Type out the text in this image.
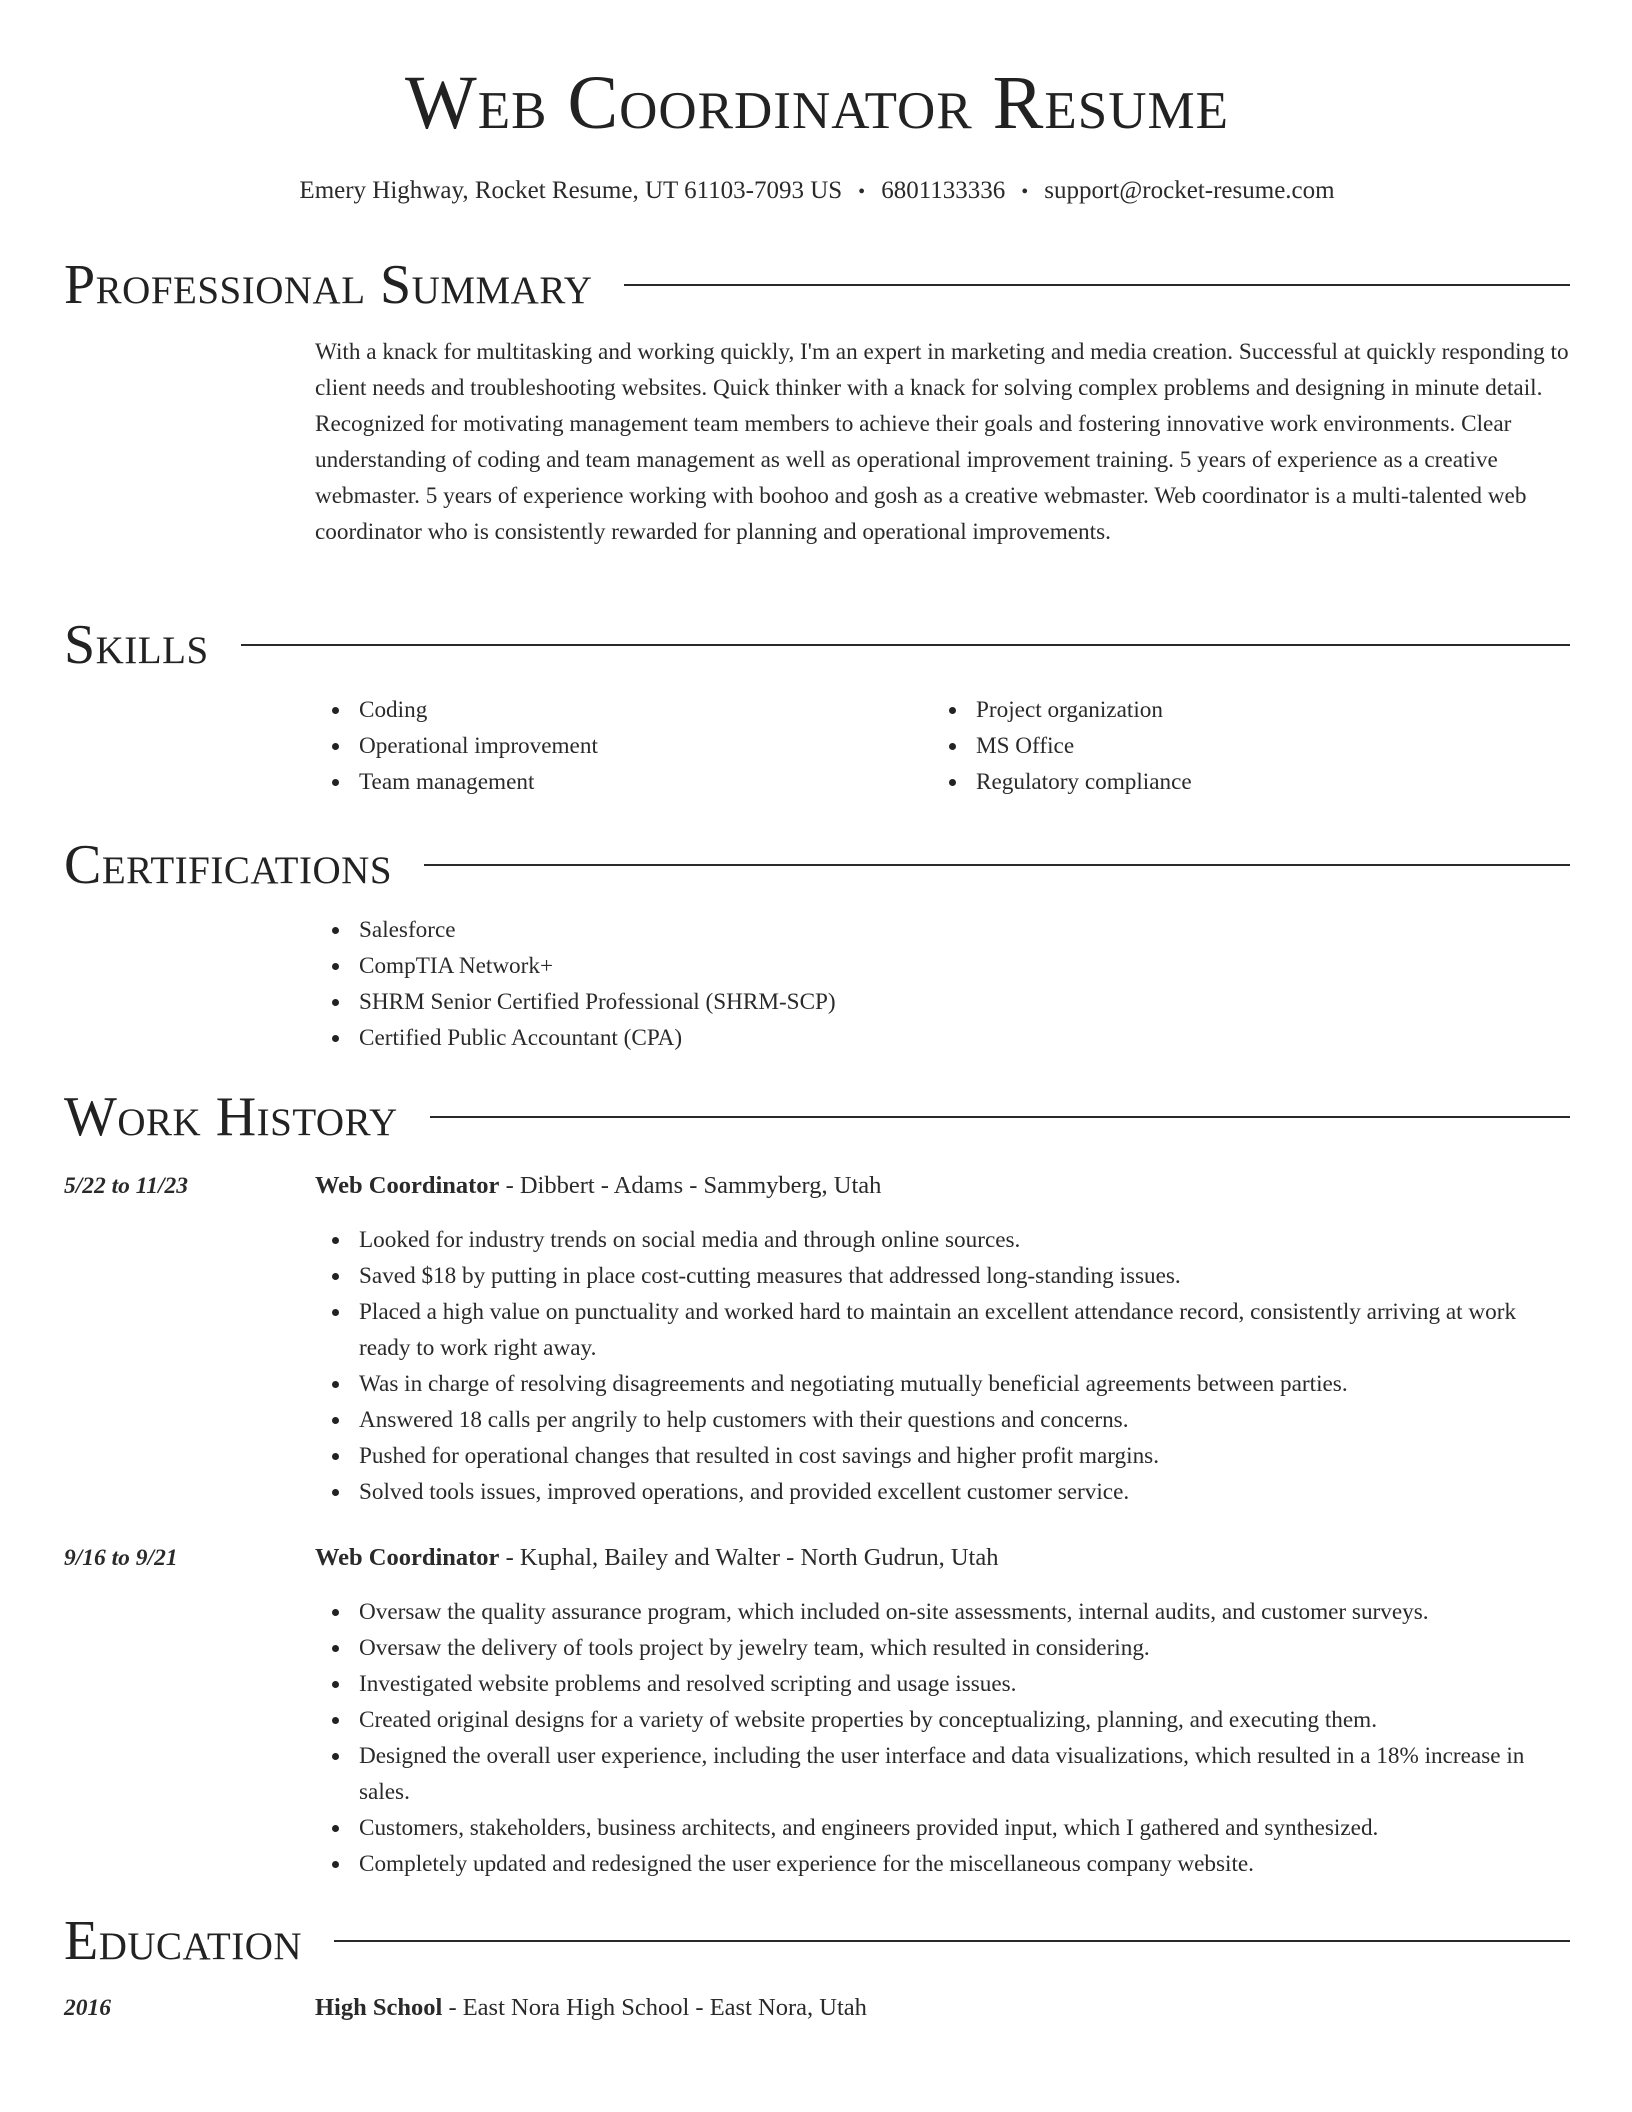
Web Coordinator Resume
Emery Highway, Rocket Resume, UT 61103-7093 US • 6801133336 • support@rocket-resume.com
Professional Summary
With a knack for multitasking and working quickly, I'm an expert in marketing and media creation. Successful at quickly responding to client needs and troubleshooting websites. Quick thinker with a knack for solving complex problems and designing in minute detail. Recognized for motivating management team members to achieve their goals and fostering innovative work environments. Clear understanding of coding and team management as well as operational improvement training. 5 years of experience as a creative webmaster. 5 years of experience working with boohoo and gosh as a creative webmaster. Web coordinator is a multi-talented web coordinator who is consistently rewarded for planning and operational improvements.
Skills
Coding
Operational improvement
Team management
Project organization
MS Office
Regulatory compliance
Certifications
Salesforce
CompTIA Network+
SHRM Senior Certified Professional (SHRM-SCP)
Certified Public Accountant (CPA)
Work History
5/22 to 11/23	Web Coordinator - Dibbert - Adams - Sammyberg, Utah
Looked for industry trends on social media and through online sources.
Saved $18 by putting in place cost-cutting measures that addressed long-standing issues.
Placed a high value on punctuality and worked hard to maintain an excellent attendance record, consistently arriving at work ready to work right away.
Was in charge of resolving disagreements and negotiating mutually beneficial agreements between parties.
Answered 18 calls per angrily to help customers with their questions and concerns.
Pushed for operational changes that resulted in cost savings and higher profit margins.
Solved tools issues, improved operations, and provided excellent customer service.
9/16 to 9/21	Web Coordinator - Kuphal, Bailey and Walter - North Gudrun, Utah
Oversaw the quality assurance program, which included on-site assessments, internal audits, and customer surveys.
Oversaw the delivery of tools project by jewelry team, which resulted in considering.
Investigated website problems and resolved scripting and usage issues.
Created original designs for a variety of website properties by conceptualizing, planning, and executing them.
Designed the overall user experience, including the user interface and data visualizations, which resulted in a 18% increase in sales.
Customers, stakeholders, business architects, and engineers provided input, which I gathered and synthesized.
Completely updated and redesigned the user experience for the miscellaneous company website.
Education
2016	High School - East Nora High School - East Nora, Utah
